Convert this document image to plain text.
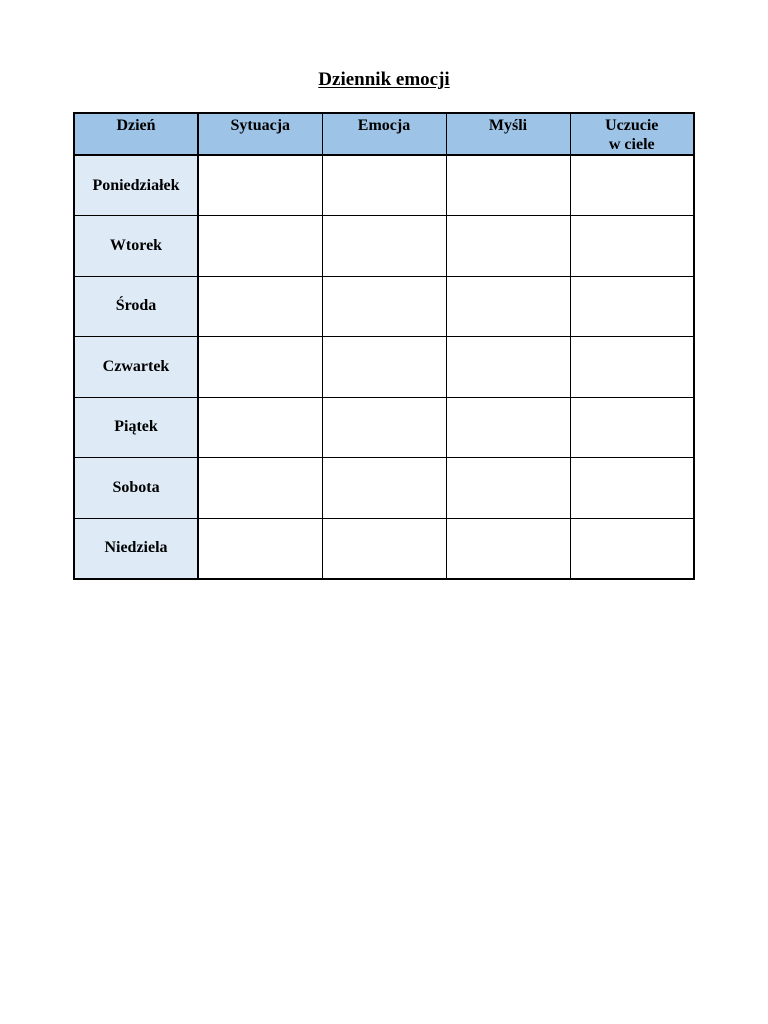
Dziennik emocji
Dzień	Sytuacja	Emocja	Myśli	Uczucie
w ciele

Poniedziałek				
Wtorek				
Środa				
Czwartek				
Piątek				
Sobota				
Niedziela				
